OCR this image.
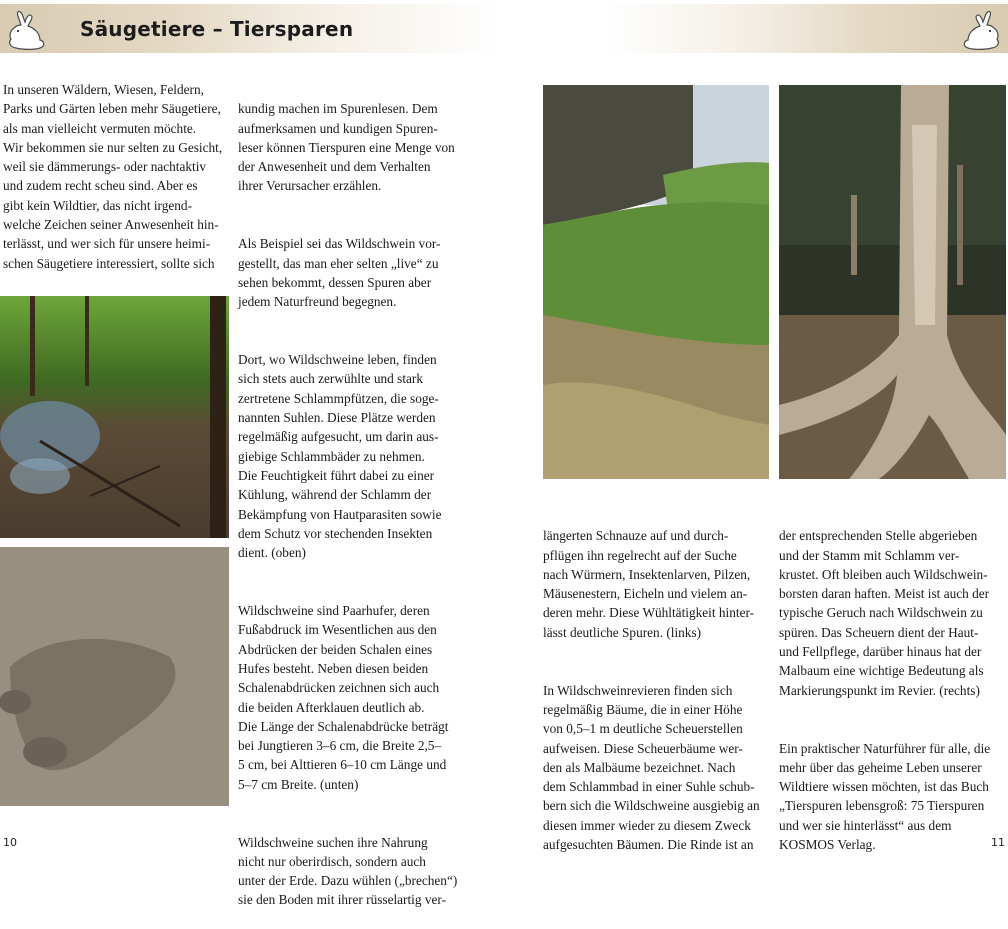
Säugetiere – Tiersparen
In unseren Wäldern, Wiesen, Feldern,
Parks und Gärten leben mehr Säugetiere,
als man vielleicht vermuten möchte.
Wir bekommen sie nur selten zu Gesicht,
weil sie dämmerungs- oder nachtaktiv
und zudem recht scheu sind. Aber es
gibt kein Wildtier, das nicht irgend-
welche Zeichen seiner Anwesenheit hin-
terlässt, und wer sich für unsere heimi-
schen Säugetiere interessiert, sollte sich

kundig machen im Spurenlesen. Dem
aufmerksamen und kundigen Spuren-
leser können Tierspuren eine Menge von
der Anwesenheit und dem Verhalten
ihrer Verursacher erzählen.

Als Beispiel sei das Wildschwein vor-
gestellt, das man eher selten „live“ zu
sehen bekommt, dessen Spuren aber
jedem Naturfreund begegnen.

Dort, wo Wildschweine leben, finden
sich stets auch zerwühlte und stark
zertretene Schlammpfützen, die soge-
nannten Suhlen. Diese Plätze werden
regelmäßig aufgesucht, um darin aus-
giebige Schlammbäder zu nehmen.
Die Feuchtigkeit führt dabei zu einer
Kühlung, während der Schlamm der
Bekämpfung von Hautparasiten sowie
dem Schutz vor stechenden Insekten
dient. (oben)

Wildschweine sind Paarhufer, deren
Fußabdruck im Wesentlichen aus den
Abdrücken der beiden Schalen eines
Hufes besteht. Neben diesen beiden
Schalenabdrücken zeichnen sich auch
die beiden Afterklauen deutlich ab.
Die Länge der Schalenabdrücke beträgt
bei Jungtieren 3–6 cm, die Breite 2,5–
5 cm, bei Alttieren 6–10 cm Länge und
5–7 cm Breite. (unten)

Wildschweine suchen ihre Nahrung
nicht nur oberirdisch, sondern auch
unter der Erde. Dazu wühlen („brechen“)
sie den Boden mit ihrer rüsselartig ver-

längerten Schnauze auf und durch-
pflügen ihn regelrecht auf der Suche
nach Würmern, Insektenlarven, Pilzen,
Mäusenestern, Eicheln und vielem an-
deren mehr. Diese Wühltätigkeit hinter-
lässt deutliche Spuren. (links)

In Wildschweinrevieren finden sich
regelmäßig Bäume, die in einer Höhe
von 0,5–1 m deutliche Scheuerstellen
aufweisen. Diese Scheuerbäume wer-
den als Malbäume bezeichnet. Nach
dem Schlammbad in einer Suhle schub-
bern sich die Wildschweine ausgiebig an
diesen immer wieder zu diesem Zweck
aufgesuchten Bäumen. Die Rinde ist an

der entsprechenden Stelle abgerieben
und der Stamm mit Schlamm ver-
krustet. Oft bleiben auch Wildschwein-
borsten daran haften. Meist ist auch der
typische Geruch nach Wildschwein zu
spüren. Das Scheuern dient der Haut-
und Fellpflege, darüber hinaus hat der
Malbaum eine wichtige Bedeutung als
Markierungspunkt im Revier. (rechts)

Ein praktischer Naturführer für alle, die
mehr über das geheime Leben unserer
Wildtiere wissen möchten, ist das Buch
„Tierspuren lebensgroß: 75 Tierspuren
und wer sie hinterlässt“ aus dem
KOSMOS Verlag.

10	11
